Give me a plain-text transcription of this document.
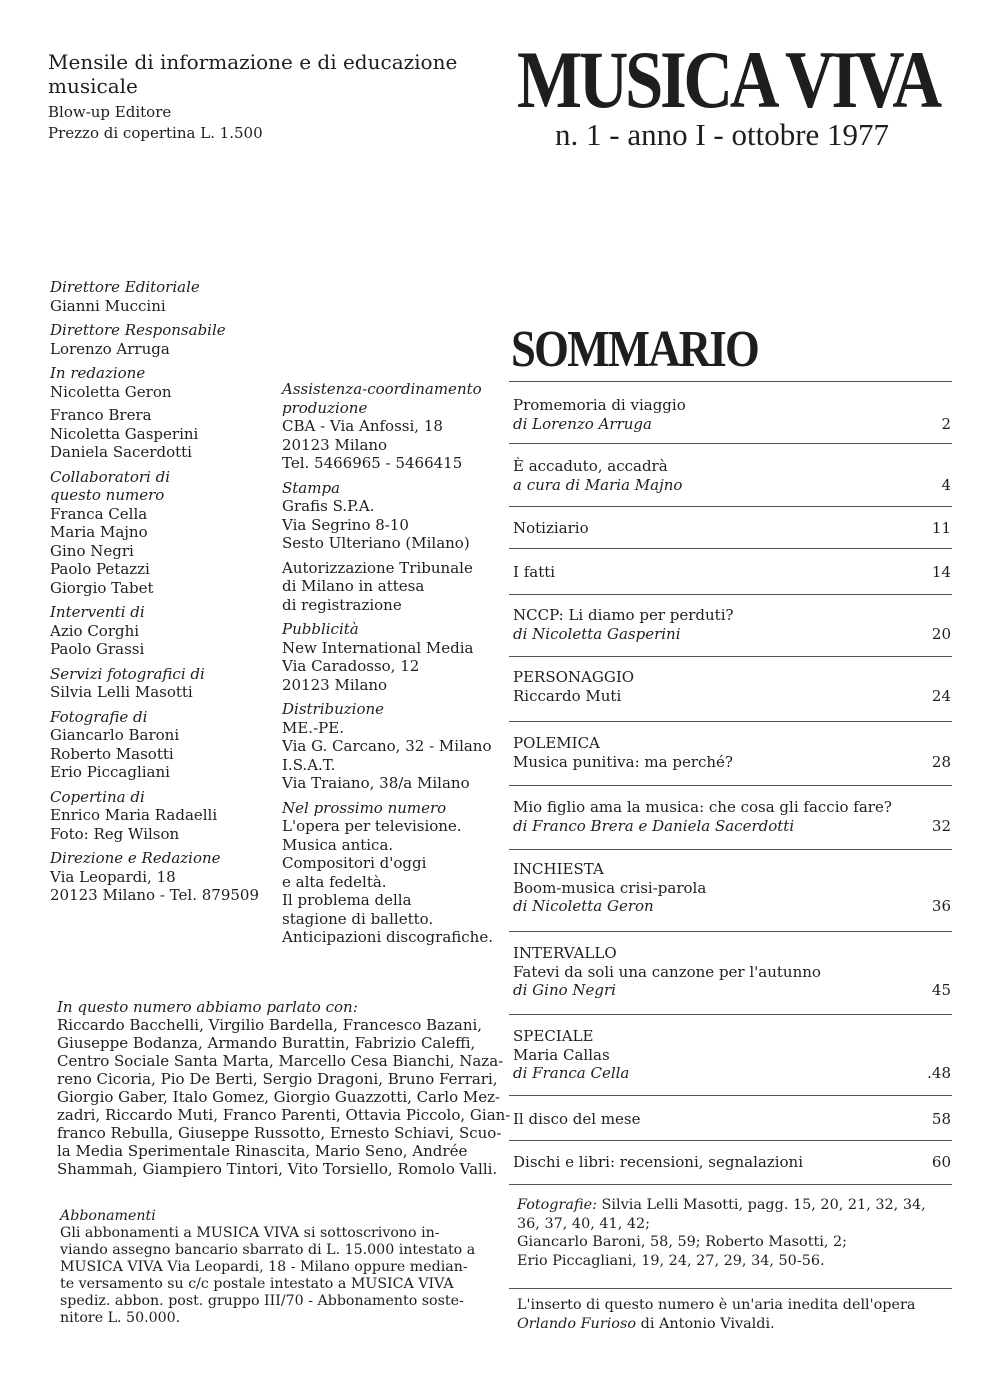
Mensile di informazione e di educazione
musicale
Blow-up Editore
Prezzo di copertina L. 1.500
MUSICA VIVA
n. 1 - anno I - ottobre 1977
Direttore Editoriale
Gianni Muccini
Direttore Responsabile
Lorenzo Arruga
In redazione
Nicoletta Geron
Franco Brera
Nicoletta Gasperini
Daniela Sacerdotti
Collaboratori di
questo numero
Franca Cella
Maria Majno
Gino Negri
Paolo Petazzi
Giorgio Tabet
Interventi di
Azio Corghi
Paolo Grassi
Servizi fotografici di
Silvia Lelli Masotti
Fotografie di
Giancarlo Baroni
Roberto Masotti
Erio Piccagliani
Copertina di
Enrico Maria Radaelli
Foto: Reg Wilson
Direzione e Redazione
Via Leopardi, 18
20123 Milano - Tel. 879509
Assistenza-coordinamento
produzione
CBA - Via Anfossi, 18
20123 Milano
Tel. 5466965 - 5466415
Stampa
Grafis S.P.A.
Via Segrino 8-10
Sesto Ulteriano (Milano)
Autorizzazione Tribunale
di Milano in attesa
di registrazione
Pubblicità
New International Media
Via Caradosso, 12
20123 Milano
Distribuzione
ME.-PE.
Via G. Carcano, 32 - Milano
I.S.A.T.
Via Traiano, 38/a Milano
Nel prossimo numero
L'opera per televisione.
Musica antica.
Compositori d'oggi
e alta fedeltà.
Il problema della
stagione di balletto.
Anticipazioni discografiche.
In questo numero abbiamo parlato con:
Riccardo Bacchelli, Virgilio Bardella, Francesco Bazani,
Giuseppe Bodanza, Armando Burattin, Fabrizio Caleffi,
Centro Sociale Santa Marta, Marcello Cesa Bianchi, Naza-
reno Cicoria, Pio De Berti, Sergio Dragoni, Bruno Ferrari,
Giorgio Gaber, Italo Gomez, Giorgio Guazzotti, Carlo Mez-
zadri, Riccardo Muti, Franco Parenti, Ottavia Piccolo, Gian-
franco Rebulla, Giuseppe Russotto, Ernesto Schiavi, Scuo-
la Media Sperimentale Rinascita, Mario Seno, Andrée
Shammah, Giampiero Tintori, Vito Torsiello, Romolo Valli.
Abbonamenti
Gli abbonamenti a MUSICA VIVA si sottoscrivono in-
viando assegno bancario sbarrato di L. 15.000 intestato a
MUSICA VIVA Via Leopardi, 18 - Milano oppure median-
te versamento su c/c postale intestato a MUSICA VIVA
spediz. abbon. post. gruppo III/70 - Abbonamento soste-
nitore L. 50.000.
SOMMARIO
Promemoria di viaggio
di Lorenzo Arruga	2
È accaduto, accadrà
a cura di Maria Majno	4
Notiziario	11
I fatti	14
NCCP: Li diamo per perduti?
di Nicoletta Gasperini	20
PERSONAGGIO
Riccardo Muti	24
POLEMICA
Musica punitiva: ma perché?	28
Mio figlio ama la musica: che cosa gli faccio fare?
di Franco Brera e Daniela Sacerdotti	32
INCHIESTA
Boom-musica crisi-parola
di Nicoletta Geron	36
INTERVALLO
Fatevi da soli una canzone per l'autunno
di Gino Negri	45
SPECIALE
Maria Callas
di Franca Cella	.48
Il disco del mese	58
Dischi e libri: recensioni, segnalazioni	60
Fotografie: Silvia Lelli Masotti, pagg. 15, 20, 21, 32, 34,
36, 37, 40, 41, 42;
Giancarlo Baroni, 58, 59; Roberto Masotti, 2;
Erio Piccagliani, 19, 24, 27, 29, 34, 50-56.
L'inserto di questo numero è un'aria inedita dell'opera
Orlando Furioso di Antonio Vivaldi.
